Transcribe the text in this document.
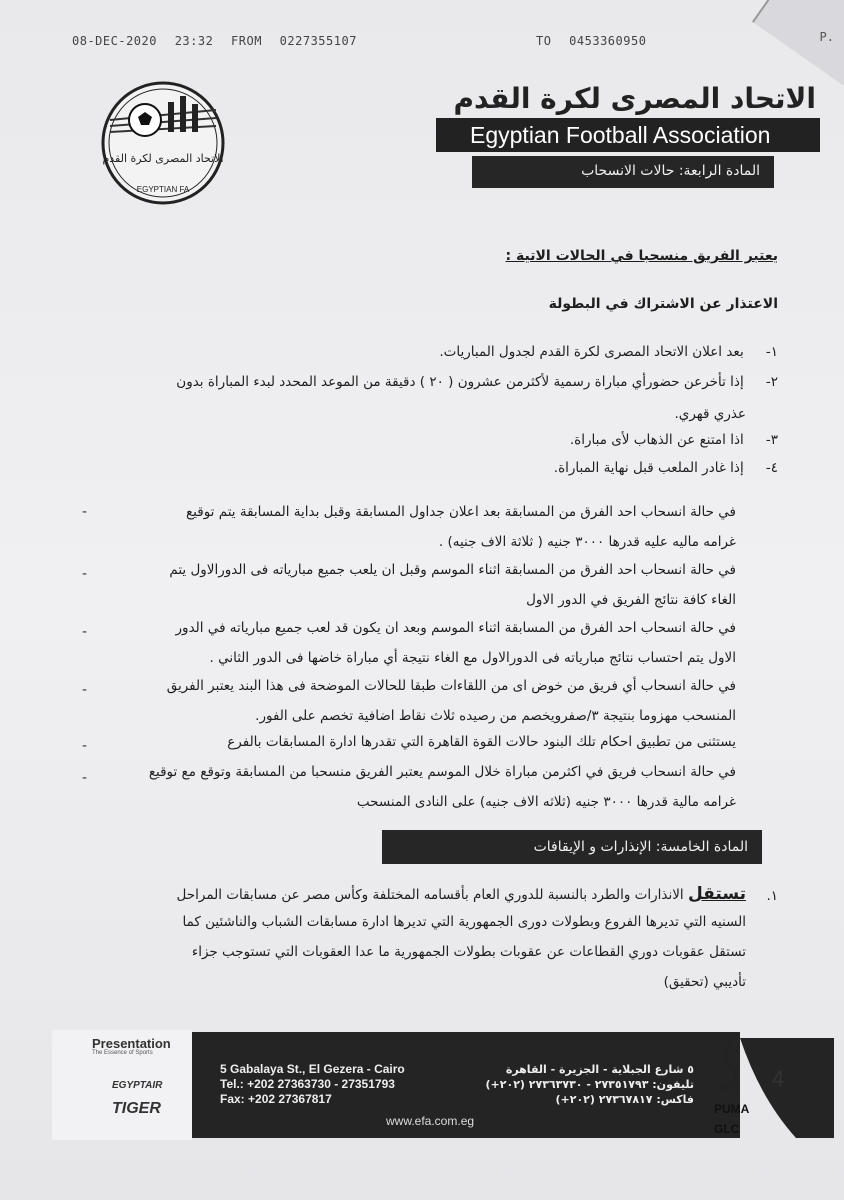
08-DEC-2020 23:32 FROM 0227355107	TO 0453360950	P.
الاتحاد المصرى لكرة القدم
EGYPTIAN FA
الاتحاد المصرى لكرة القدم
Egyptian Football Association
المادة الرابعة: حالات الانسحاب
يعتبر الفريق منسحبا في الحالات الاتية :
الاعتذار عن الاشتراك في البطولة
١- بعد اعلان الاتحاد المصرى لكرة القدم لجدول المباريات.
٢- إذا تأخرعن حضورأي مباراة رسمية لأكثرمن عشرون ( ٢٠ ) دقيقة من الموعد المحدد لبدء المباراة بدون
عذري قهري.
٣- اذا امتنع عن الذهاب لأى مباراة.
٤- إذا غادر الملعب قبل نهاية المباراة.
-	في حالة انسحاب احد الفرق من المسابقة بعد اعلان جداول المسابقة وقبل بداية المسابقة يتم توقيع
غرامه ماليه عليه قدرها ٣٠٠٠ جنيه ( ثلاثة الاف جنيه) .
-	في حالة انسحاب احد الفرق من المسابقة اثناء الموسم وقبل ان يلعب جميع مبارياته فى الدورالاول يتم
الغاء كافة نتائج الفريق في الدور الاول
-	في حالة انسحاب احد الفرق من المسابقة اثناء الموسم وبعد ان يكون قد لعب جميع مبارياته في الدور
الاول يتم احتساب نتائج مبارياته فى الدورالاول مع الغاء نتيجة أي مباراة خاضها فى الدور الثاني .
-	في حالة انسحاب أي فريق من خوض اى من اللقاءات طبقا للحالات الموضحة فى هذا البند يعتبر الفريق
المنسحب مهزوما بنتيجة ٣/صفرويخصم من رصيده ثلاث نقاط اضافية تخصم على الفور.
-	يستثنى من تطبيق احكام تلك البنود حالات القوة القاهرة التي تقدرها ادارة المسابقات بالفرع
-	في حالة انسحاب فريق في اكثرمن مباراة خلال الموسم يعتبر الفريق منسحبا من المسابقة وتوقع مع توقيع
غرامه مالية قدرها ٣٠٠٠ جنيه (ثلاثه الاف جنيه) على النادى المنسحب
المادة الخامسة: الإنذارات و الإيقافات
١.
تستقل الانذارات والطرد بالنسبة للدوري العام بأقسامه المختلفة وكأس مصر عن مسابقات المراحل
السنيه التي تديرها الفروع وبطولات دورى الجمهورية التي تديرها ادارة مسابقات الشباب والناشئين كما
تستقل عقوبات دوري القطاعات عن عقوبات بطولات الجمهورية ما عدا العقوبات التي تستوجب جزاء
تأديبي (تحقيق)
Presentation
The Essence of Sports
EGYPTAIR
TIGER
5 Gabalaya St., El Gezera - Cairo
Tel.: +202 27363730 - 27351793
Fax: +202 27367817
٥ شارع الجبلاية - الجزيرة - القاهرة
تليفون: ٢٧٣٥١٧٩٣ - ٢٧٣٦٣٧٣٠ (٢٠٢+)
فاكس: ٢٧٣٦٧٨١٧ (٢٠٢+)
www.efa.com.eg
4
WE
PUMA
GLC
